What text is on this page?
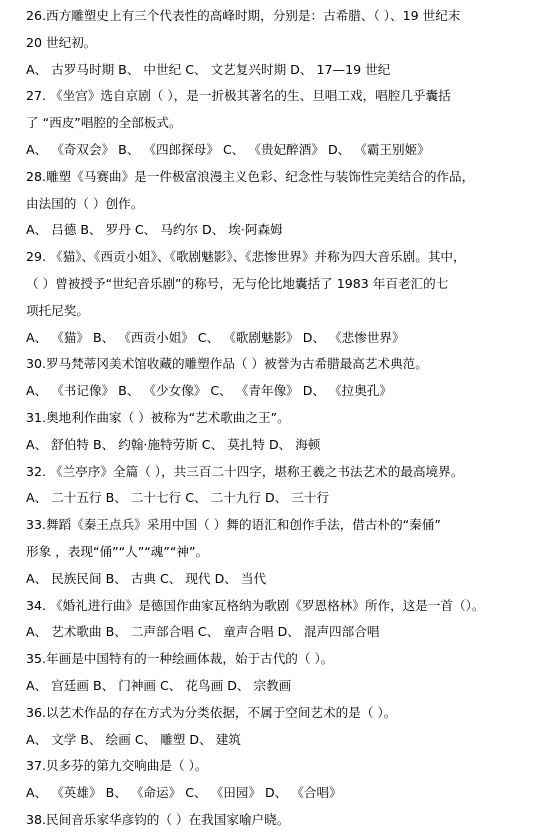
26.西方雕塑史上有三个代表性的高峰时期，分别是：古希腊、（ ）、19 世纪末
20 世纪初。
A、 古罗马时期 B、 中世纪 C、 文艺复兴时期 D、 17—19 世纪
27. 《坐宫》选自京剧（ ），是一折极其著名的生、旦唱工戏，唱腔几乎囊括
了 “西皮”唱腔的全部板式。
A、 《奇双会》 B、 《四郎探母》 C、 《贵妃醉酒》 D、 《霸王别姬》
28.雕塑《马赛曲》是一件极富浪漫主义色彩、纪念性与装饰性完美结合的作品，
由法国的（ ）创作。
A、 吕德 B、 罗丹 C、 马约尔 D、 埃·阿森姆
29. 《猫》、《西贡小姐》、《歌剧魅影》、《悲惨世界》并称为四大音乐剧。其中，
（ ）曾被授予“世纪音乐剧”的称号，无与伦比地囊括了 1983 年百老汇的七
项托尼奖。
A、 《猫》 B、 《西贡小姐》 C、 《歌剧魅影》 D、 《悲惨世界》
30.罗马梵蒂冈美术馆收藏的雕塑作品（ ）被誉为古希腊最高艺术典范。
A、 《书记像》 B、 《少女像》 C、 《青年像》 D、 《拉奥孔》
31.奥地利作曲家（ ）被称为“艺术歌曲之王”。
A、 舒伯特 B、 约翰·施特劳斯 C、 莫扎特 D、 海顿
32. 《兰亭序》全篇（ ），共三百二十四字，堪称王羲之书法艺术的最高境界。
A、 二十五行 B、 二十七行 C、 二十九行 D、 三十行
33.舞蹈《秦王点兵》采用中国（ ）舞的语汇和创作手法，借古朴的“秦俑”
形象 ，表现“俑”“人”“魂”“神”。
A、 民族民间 B、 古典 C、 现代 D、 当代
34. 《婚礼进行曲》是德国作曲家瓦格纳为歌剧《罗恩格林》所作，这是一首（）。
A、 艺术歌曲 B、 二声部合唱 C、 童声合唱 D、 混声四部合唱
35.年画是中国特有的一种绘画体裁，始于古代的（ ）。
A、 宫廷画 B、 门神画 C、 花鸟画 D、 宗教画
36.以艺术作品的存在方式为分类依据，不属于空间艺术的是（ ）。
A、 文学 B、 绘画 C、 雕塑 D、 建筑
37.贝多芬的第九交响曲是（ ）。
A、 《英雄》 B、 《命运》 C、 《田园》 D、 《合唱》
38.民间音乐家华彦钧的（ ）在我国家喻户晓。
